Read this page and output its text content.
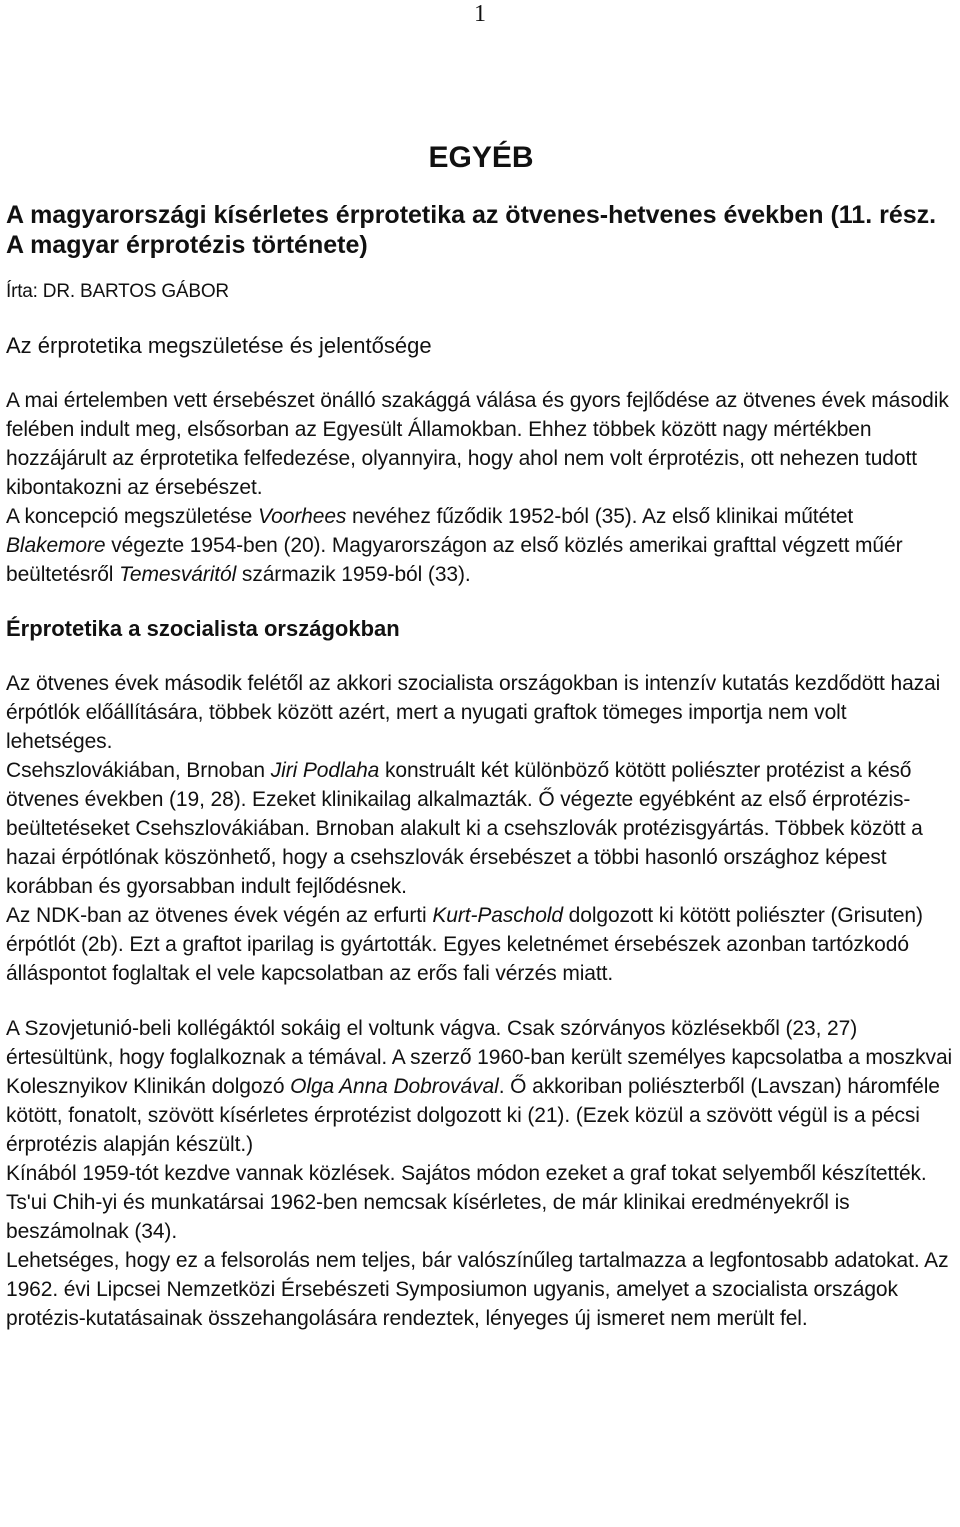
1
EGYÉB
A magyarországi kísérletes érprotetika az ötvenes-hetvenes években (11. rész. A magyar érprotézis története)
Írta: DR. BARTOS GÁBOR
Az érprotetika megszületése és jelentősége

A mai értelemben vett érsebészet önálló szakággá válása és gyors fejlődése az ötvenes évek második felében indult meg, elsősorban az Egyesült Államokban. Ehhez többek között nagy mértékben hozzájárult az érprotetika felfedezése, olyannyira, hogy ahol nem volt érprotézis, ott nehezen tudott kibontakozni az érsebészet.

A koncepció megszületése Voorhees nevéhez fűződik 1952-ból (35). Az első klinikai műtétet Blakemore végezte 1954-ben (20). Magyarországon az első közlés amerikai grafttal végzett műér beültetésről Temesváritól származik 1959-ból (33).

Érprotetika a szocialista országokban

Az ötvenes évek második felétől az akkori szocialista országokban is intenzív kutatás kezdődött hazai érpótlók előállítására, többek között azért, mert a nyugati graftok tömeges importja nem volt lehetséges.

Csehszlovákiában, Brnoban Jiri Podlaha konstruált két különböző kötött poliészter protézist a késő ötvenes években (19, 28). Ezeket klinikailag alkalmazták. Ő végezte egyébként az első érprotézis-beültetéseket Csehszlovákiában. Brnoban alakult ki a csehszlovák protézisgyártás. Többek között a hazai érpótlónak köszönhető, hogy a csehszlovák érsebészet a többi hasonló országhoz képest korábban és gyorsabban indult fejlődésnek.

Az NDK-ban az ötvenes évek végén az erfurti Kurt-Paschold dolgozott ki kötött poliészter (Grisuten) érpótlót (2b). Ezt a graftot iparilag is gyártották. Egyes keletnémet érsebészek azonban tartózkodó álláspontot foglaltak el vele kapcsolatban az erős fali vérzés miatt.

A Szovjetunió-beli kollégáktól sokáig el voltunk vágva. Csak szórványos közlésekből (23, 27) értesültünk, hogy foglalkoznak a témával. A szerző 1960-ban került személyes kapcsolatba a moszkvai Kolesznyikov Klinikán dolgozó Olga Anna Dobrovával. Ő akkoriban poliészterből (Lavszan) háromféle kötött, fonatolt, szövött kísérletes érprotézist dolgozott ki (21). (Ezek közül a szövött végül is a pécsi érprotézis alapján készült.)

Kínából 1959-tót kezdve vannak közlések. Sajátos módon ezeket a graf tokat selyemből készítették. Ts'ui Chih-yi és munkatársai 1962-ben nemcsak kísérletes, de már klinikai eredményekről is beszámolnak (34).

Lehetséges, hogy ez a felsorolás nem teljes, bár valószínűleg tartalmazza a legfontosabb adatokat. Az 1962. évi Lipcsei Nemzetközi Érsebészeti Symposiumon ugyanis, amelyet a szocialista országok protézis-kutatásainak összehangolására rendeztek, lényeges új ismeret nem merült fel.
